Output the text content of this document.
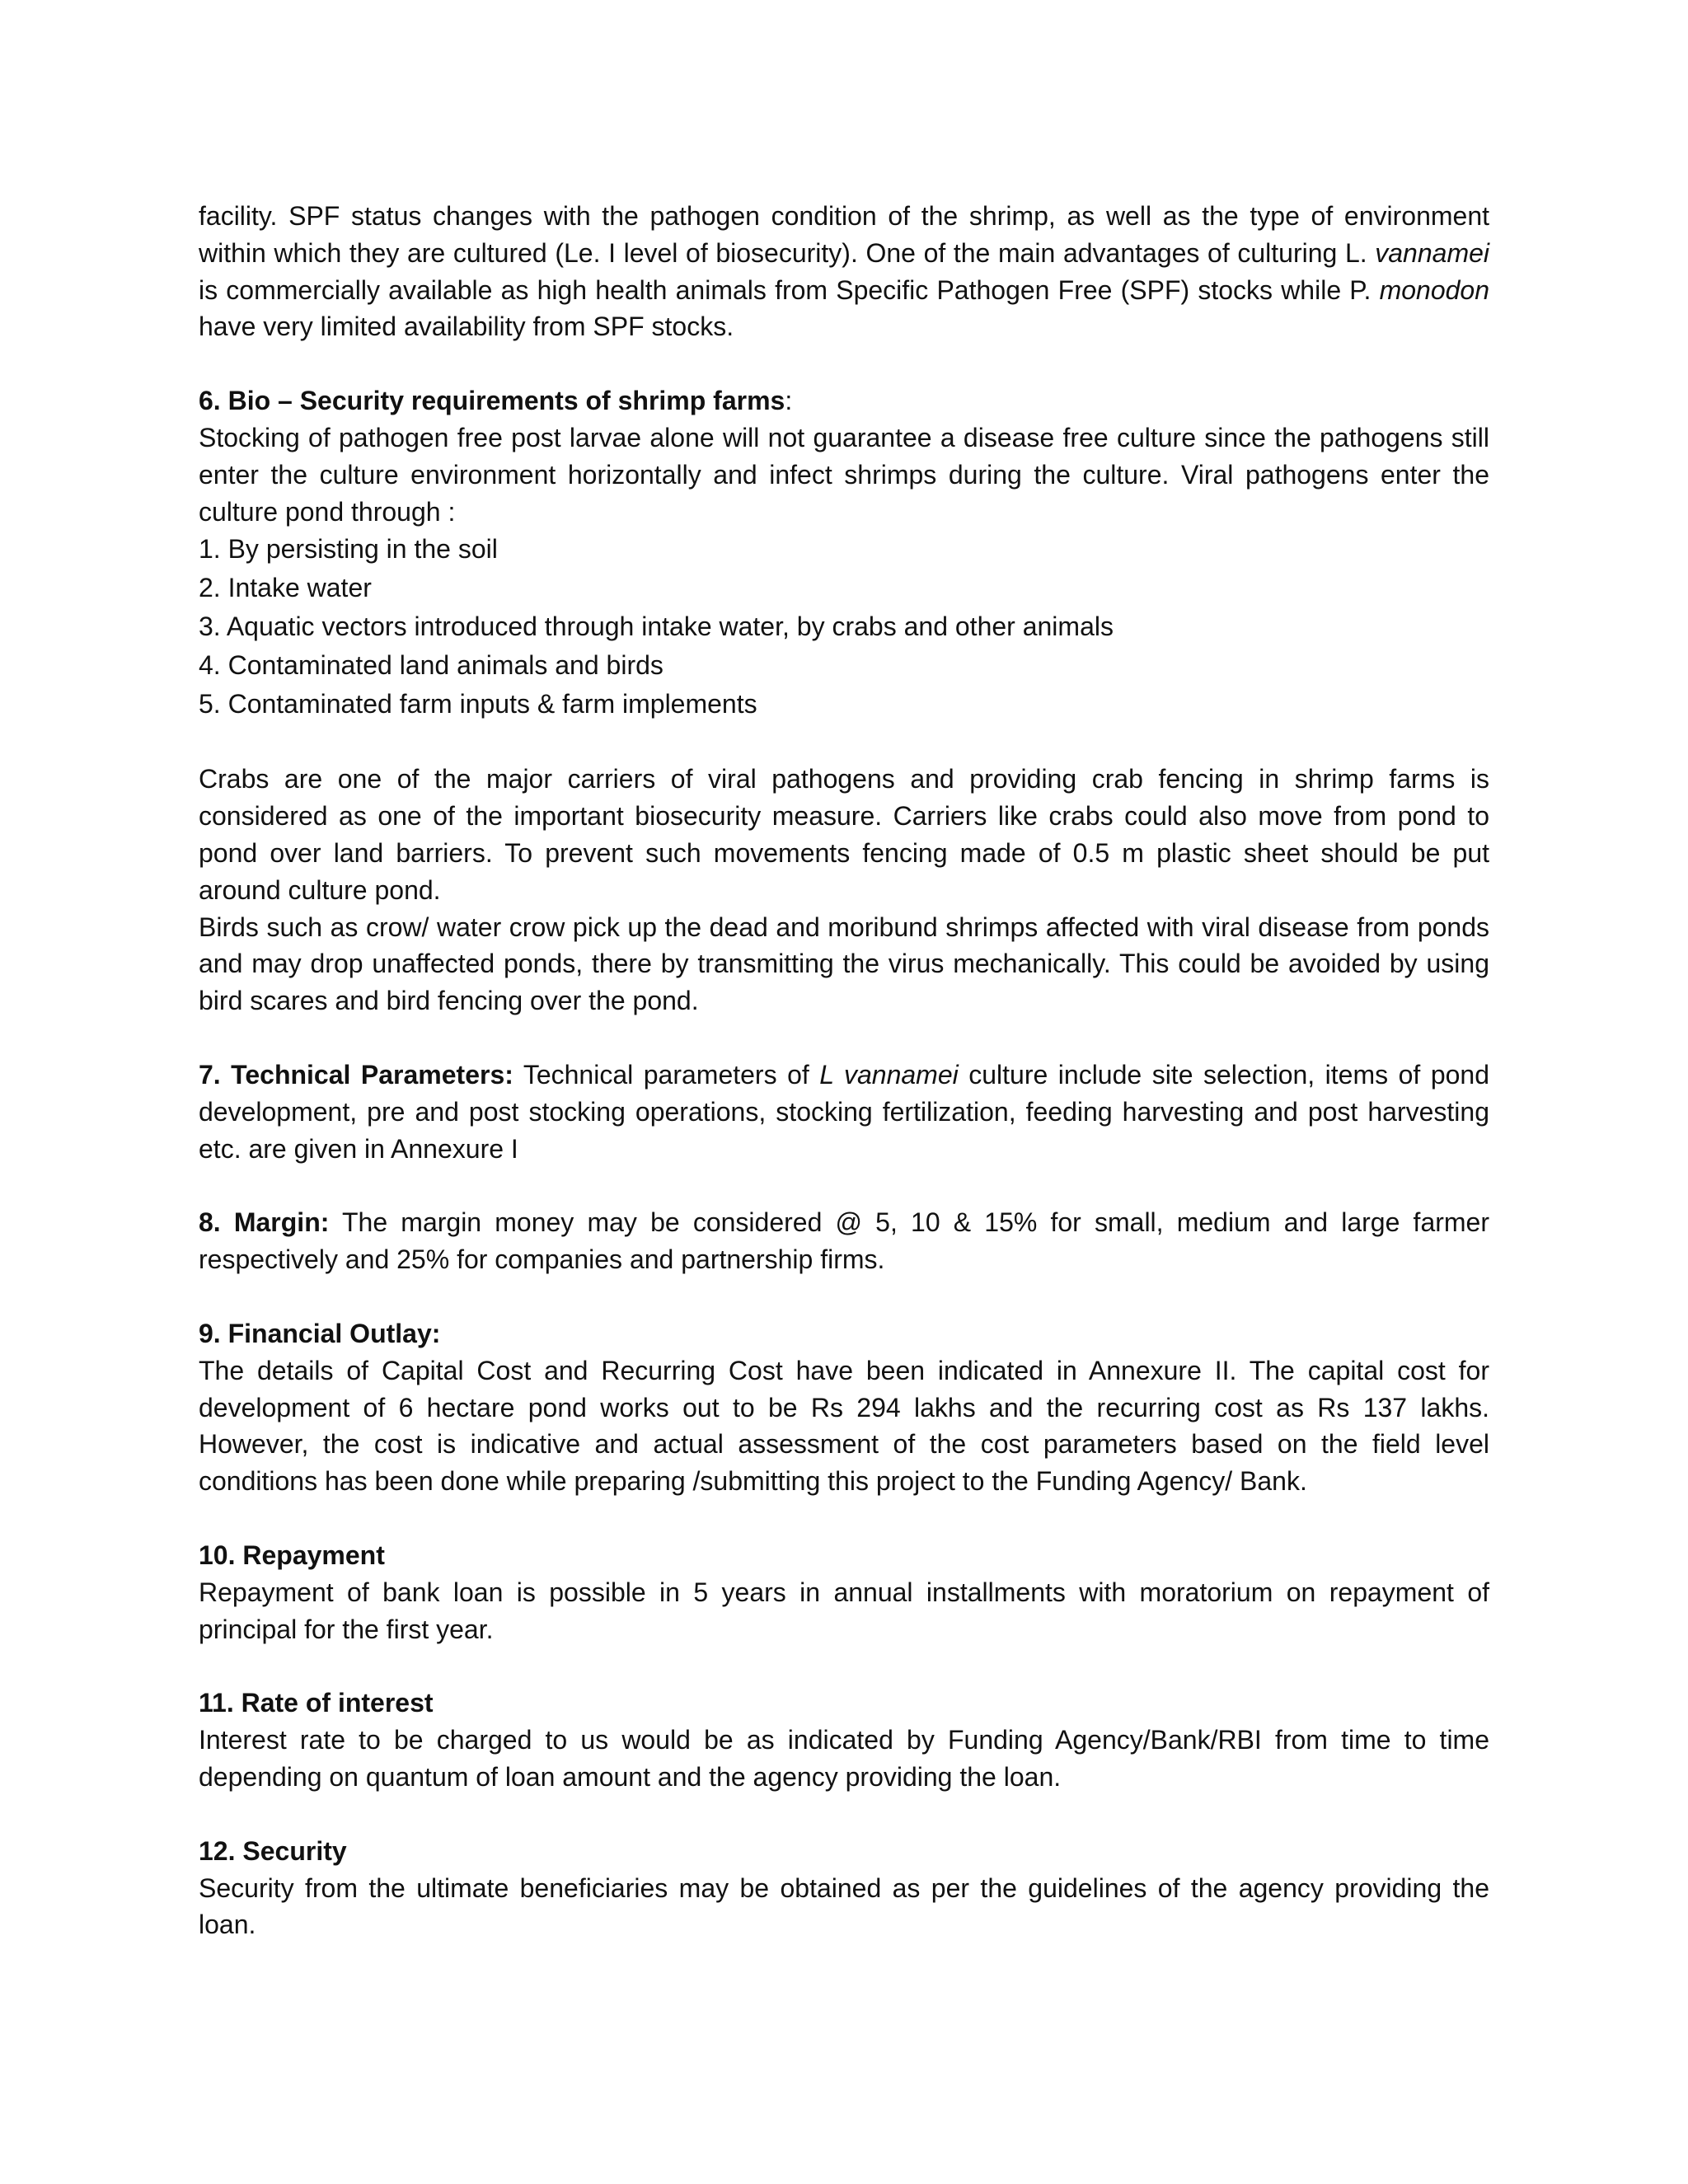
facility. SPF status changes with the pathogen condition of the shrimp, as well as the type of environment within which they are cultured (Le. I level of biosecurity). One of the main advantages of culturing L. vannamei is commercially available as high health animals from Specific Pathogen Free (SPF) stocks while P. monodon have very limited availability from SPF stocks.

6. Bio – Security requirements of shrimp farms:

Stocking of pathogen free post larvae alone will not guarantee a disease free culture since the pathogens still enter the culture environment horizontally and infect shrimps during the culture. Viral pathogens enter the culture pond through :

1. By persisting in the soil
2. Intake water
3. Aquatic vectors introduced through intake water, by crabs and other animals
4. Contaminated land animals and birds
5. Contaminated farm inputs & farm implements

Crabs are one of the major carriers of viral pathogens and providing crab fencing in shrimp farms is considered as one of the important biosecurity measure. Carriers like crabs could also move from pond to pond over land barriers. To prevent such movements fencing made of 0.5 m plastic sheet should be put around culture pond.

Birds such as crow/ water crow pick up the dead and moribund shrimps affected with viral disease from ponds and may drop unaffected ponds, there by transmitting the virus mechanically. This could be avoided by using bird scares and bird fencing over the pond.

7. Technical Parameters: Technical parameters of L vannamei culture include site selection, items of pond development, pre and post stocking operations, stocking fertilization, feeding harvesting and post harvesting etc. are given in Annexure I

8. Margin: The margin money may be considered @ 5, 10 & 15% for small, medium and large farmer respectively and 25% for companies and partnership firms.

9. Financial Outlay:

The details of Capital Cost and Recurring Cost have been indicated in Annexure II. The capital cost for development of 6 hectare pond works out to be Rs 294 lakhs and the recurring cost as Rs 137 lakhs. However, the cost is indicative and actual assessment of the cost parameters based on the field level conditions has been done while preparing /submitting this project to the Funding Agency/ Bank.

10. Repayment

Repayment of bank loan is possible in 5 years in annual installments with moratorium on repayment of principal for the first year.

11. Rate of interest

Interest rate to be charged to us would be as indicated by Funding Agency/Bank/RBI from time to time depending on quantum of loan amount and the agency providing the loan.

12. Security

Security from the ultimate beneficiaries may be obtained as per the guidelines of the agency providing the loan.
